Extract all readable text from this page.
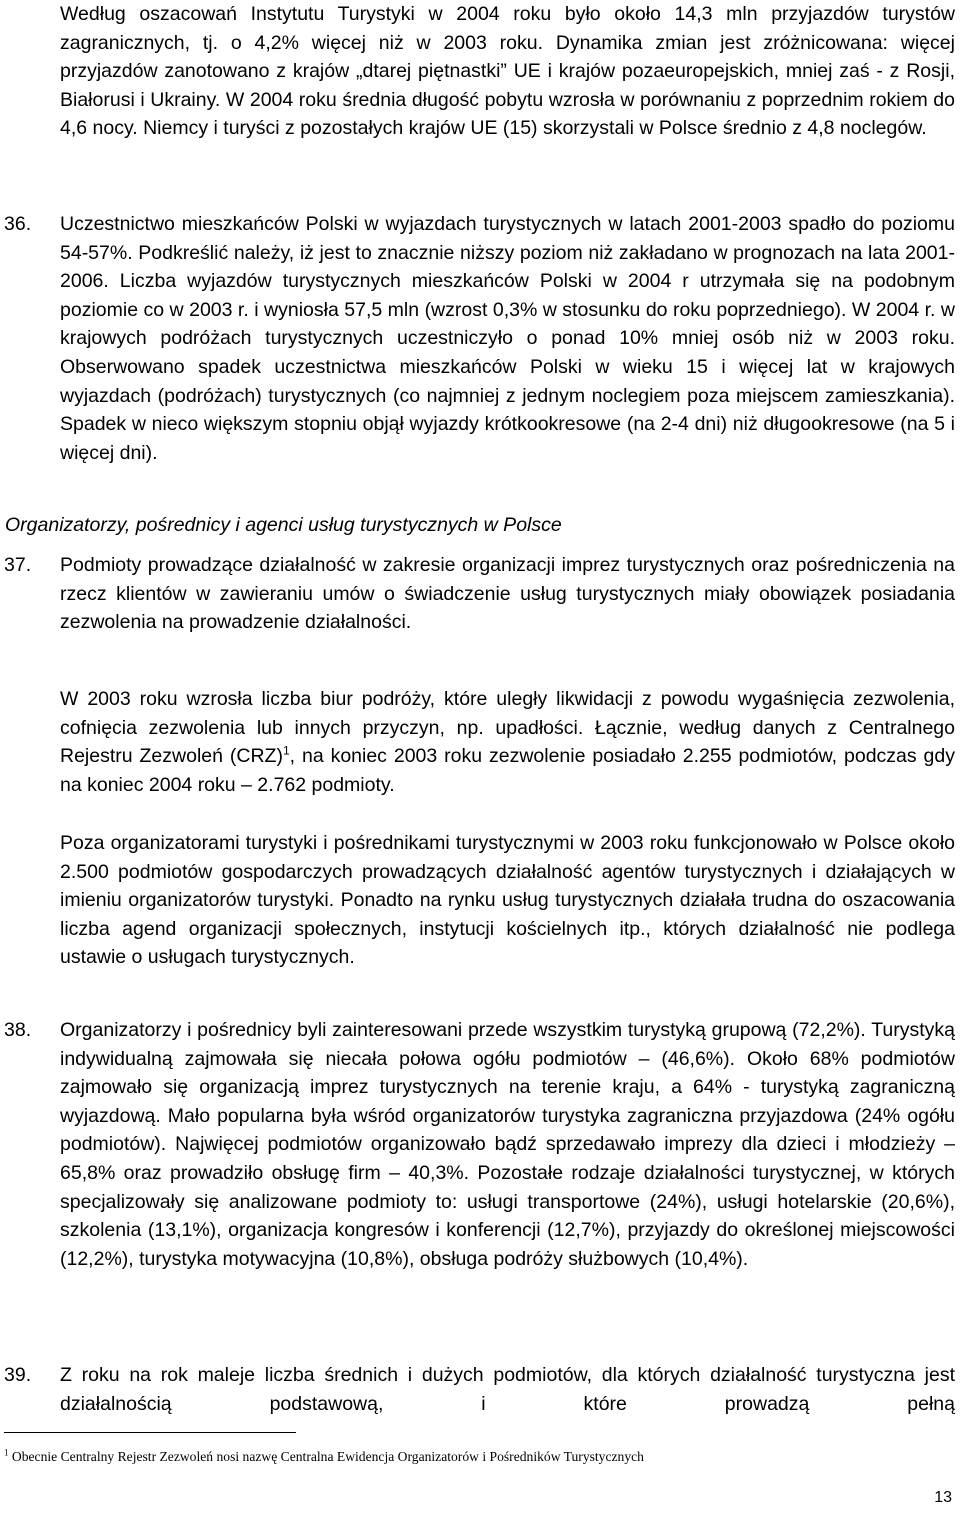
Według oszacowań Instytutu Turystyki w 2004 roku było około 14,3 mln przyjazdów turystów zagranicznych, tj. o 4,2% więcej niż w 2003 roku. Dynamika zmian jest zróżnicowana: więcej przyjazdów zanotowano z krajów „dtarej piętnastki” UE i krajów pozaeuropejskich, mniej zaś - z Rosji, Białorusi i Ukrainy. W 2004 roku średnia długość pobytu wzrosła w porównaniu z poprzednim rokiem do 4,6 nocy. Niemcy i turyści z pozostałych krajów UE (15) skorzystali w Polsce średnio z 4,8 noclegów.

36.	Uczestnictwo mieszkańców Polski w wyjazdach turystycznych w latach 2001-2003 spadło do poziomu 54-57%. Podkreślić należy, iż jest to znacznie niższy poziom niż zakładano w prognozach na lata 2001-2006. Liczba wyjazdów turystycznych mieszkańców Polski w 2004 r utrzymała się na podobnym poziomie co w 2003 r. i wyniosła 57,5 mln (wzrost 0,3% w stosunku do roku poprzedniego). W 2004 r. w krajowych podróżach turystycznych uczestniczyło o ponad 10% mniej osób niż w 2003 roku. Obserwowano spadek uczestnictwa mieszkańców Polski w wieku 15 i więcej lat w krajowych wyjazdach (podróżach) turystycznych (co najmniej z jednym noclegiem poza miejscem zamieszkania). Spadek w nieco większym stopniu objął wyjazdy krótkookresowe (na 2-4 dni) niż długookresowe (na 5 i więcej dni).

Organizatorzy, pośrednicy i agenci usług turystycznych w Polsce
37.	Podmioty prowadzące działalność w zakresie organizacji imprez turystycznych oraz pośredniczenia na rzecz klientów w zawieraniu umów o świadczenie usług turystycznych miały obowiązek posiadania zezwolenia na prowadzenie działalności.

W 2003 roku wzrosła liczba biur podróży, które uległy likwidacji z powodu wygaśnięcia zezwolenia, cofnięcia zezwolenia lub innych przyczyn, np. upadłości. Łącznie, według danych z Centralnego Rejestru Zezwoleń (CRZ)$^1$, na koniec 2003 roku zezwolenie posiadało 2.255 podmiotów, podczas gdy na koniec 2004 roku – 2.762 podmioty.

Poza organizatorami turystyki i pośrednikami turystycznymi w 2003 roku funkcjonowało w Polsce około 2.500 podmiotów gospodarczych prowadzących działalność agentów turystycznych i działających w imieniu organizatorów turystyki. Ponadto na rynku usług turystycznych działała trudna do oszacowania liczba agend organizacji społecznych, instytucji kościelnych itp., których działalność nie podlega ustawie o usługach turystycznych.

38.	Organizatorzy i pośrednicy byli zainteresowani przede wszystkim turystyką grupową (72,2%). Turystyką indywidualną zajmowała się niecała połowa ogółu podmiotów – (46,6%). Około 68% podmiotów zajmowało się organizacją imprez turystycznych na terenie kraju, a 64% - turystyką zagraniczną wyjazdową. Mało popularna była wśród organizatorów turystyka zagraniczna przyjazdowa (24% ogółu podmiotów). Najwięcej podmiotów organizowało bądź sprzedawało imprezy dla dzieci i młodzieży – 65,8% oraz prowadziło obsługę firm – 40,3%. Pozostałe rodzaje działalności turystycznej, w których specjalizowały się analizowane podmioty to: usługi transportowe (24%), usługi hotelarskie (20,6%), szkolenia (13,1%), organizacja kongresów i konferencji (12,7%), przyjazdy do określonej miejscowości (12,2%), turystyka motywacyjna (10,8%), obsługa podróży służbowych (10,4%).

39.	Z roku na rok maleje liczba średnich i dużych podmiotów, dla których działalność turystyczna jest działalnością podstawową, i które prowadzą pełną

$^1$ Obecnie Centralny Rejestr Zezwoleń nosi nazwę Centralna Ewidencja Organizatorów i Pośredników Turystycznych
13
